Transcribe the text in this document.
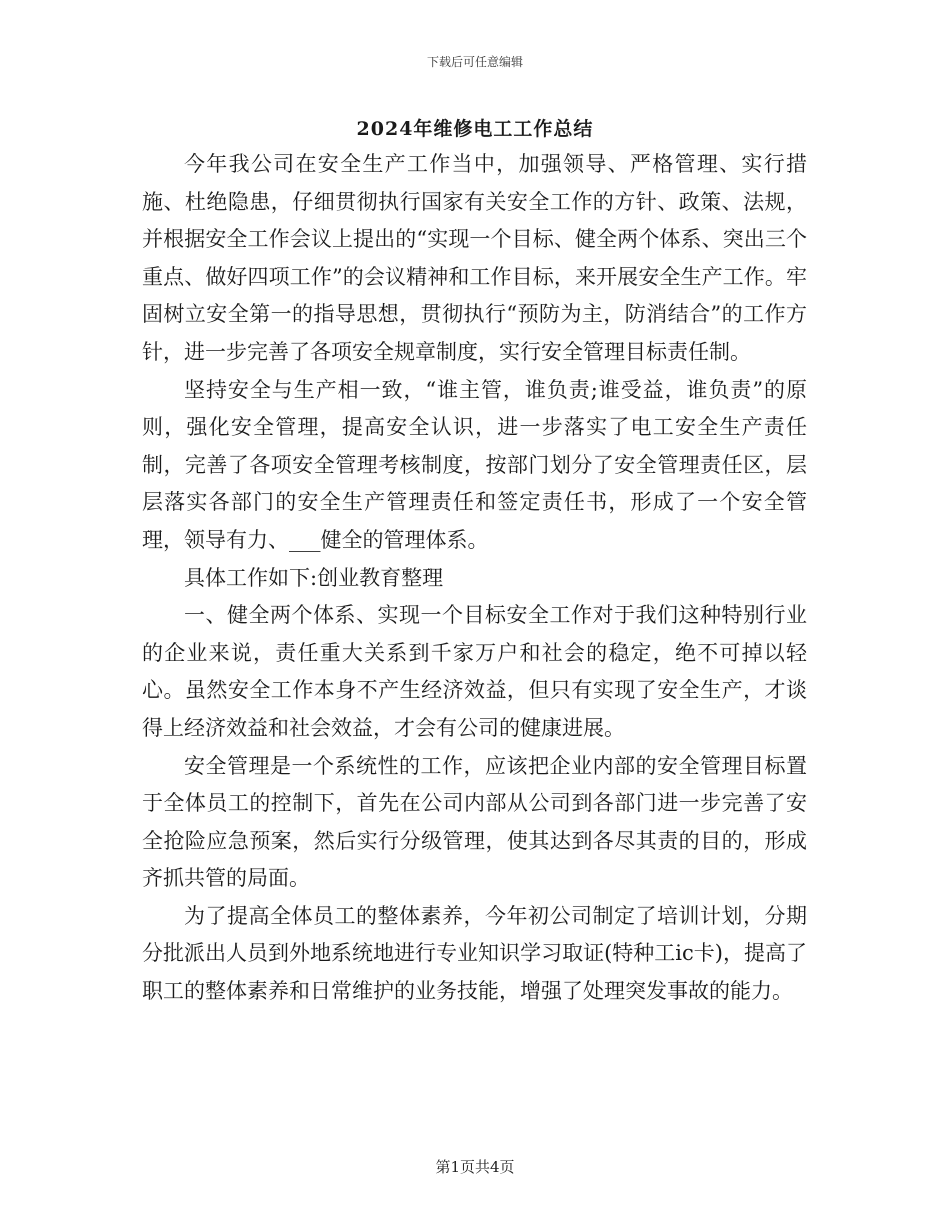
下载后可任意编辑
2024年维修电工工作总结

今年我公司在安全生产工作当中，加强领导、严格管理、实行措施、杜绝隐患，仔细贯彻执行国家有关安全工作的方针、政策、法规，并根据安全工作会议上提出的“实现一个目标、健全两个体系、突出三个重点、做好四项工作”的会议精神和工作目标，来开展安全生产工作。牢固树立安全第一的指导思想，贯彻执行“预防为主，防消结合”的工作方针，进一步完善了各项安全规章制度，实行安全管理目标责任制。

坚持安全与生产相一致，“谁主管，谁负责;谁受益，谁负责”的原则，强化安全管理，提高安全认识，进一步落实了电工安全生产责任制，完善了各项安全管理考核制度，按部门划分了安全管理责任区，层层落实各部门的安全生产管理责任和签定责任书，形成了一个安全管理，领导有力、___健全的管理体系。

具体工作如下:创业教育整理

一、健全两个体系、实现一个目标安全工作对于我们这种特别行业的企业来说，责任重大关系到千家万户和社会的稳定，绝不可掉以轻心。虽然安全工作本身不产生经济效益，但只有实现了安全生产，才谈得上经济效益和社会效益，才会有公司的健康进展。

安全管理是一个系统性的工作，应该把企业内部的安全管理目标置于全体员工的控制下，首先在公司内部从公司到各部门进一步完善了安全抢险应急预案，然后实行分级管理，使其达到各尽其责的目的，形成齐抓共管的局面。

为了提高全体员工的整体素养，今年初公司制定了培训计划，分期分批派出人员到外地系统地进行专业知识学习取证(特种工ic卡)，提高了职工的整体素养和日常维护的业务技能，增强了处理突发事故的能力。

第1页共4页
